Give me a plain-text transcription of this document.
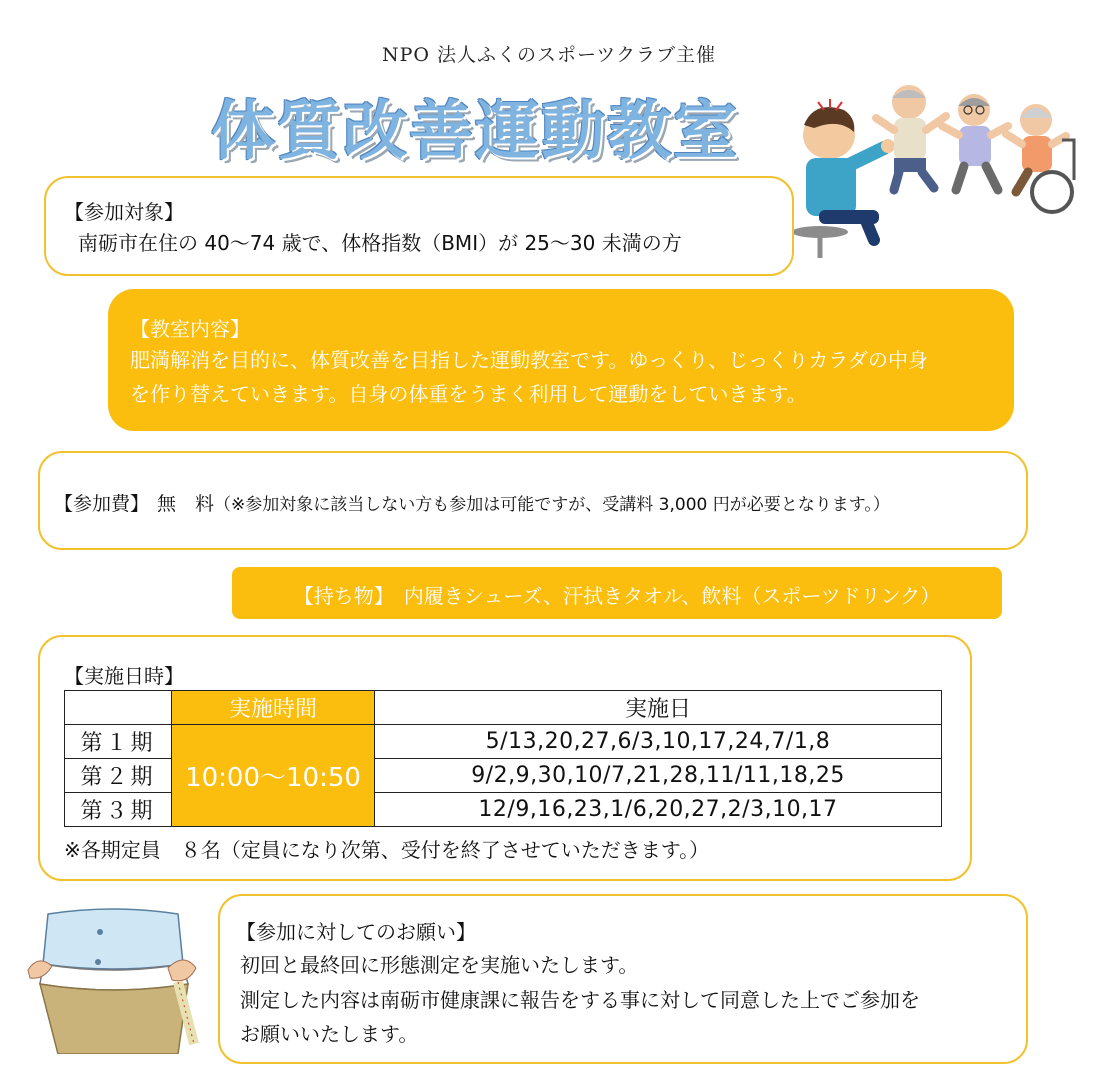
NPO 法人ふくのスポーツクラブ主催
体質改善運動教室
【参加対象】
南砺市在住の 40～74 歳で、体格指数（BMI）が 25～30 未満の方
【教室内容】
肥満解消を目的に、体質改善を目指した運動教室です。ゆっくり、じっくりカラダの中身
を作り替えていきます。自身の体重をうまく利用して運動をしていきます。
【参加費】 無　料（※参加対象に該当しない方も参加は可能ですが、受講料 3,000 円が必要となります。）
【持ち物】　内履きシューズ、汗拭きタオル、飲料（スポーツドリンク）
【実施日時】
	実施時間	実施日
第１期	10:00～10:50	5/13,20,27,6/3,10,17,24,7/1,8
第２期		9/2,9,30,10/7,21,28,11/11,18,25
第３期		12/9,16,23,1/6,20,27,2/3,10,17
※各期定員　８名（定員になり次第、受付を終了させていただきます。）
【参加に対してのお願い】
初回と最終回に形態測定を実施いたします。
測定した内容は南砺市健康課に報告をする事に対して同意した上でご参加を
お願いいたします。
